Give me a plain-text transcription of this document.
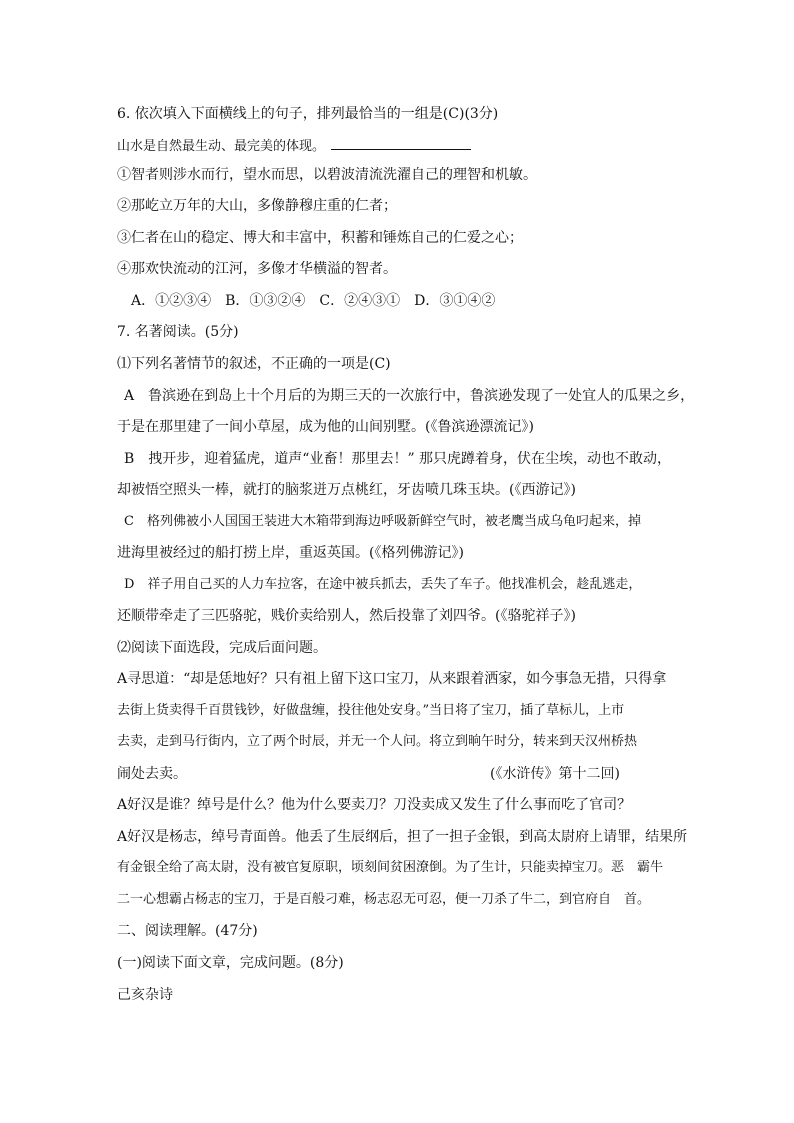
6. 依次填入下面横线上的句子，排列最恰当的一组是(C)(3分)
山水是自然最生动、最完美的体现。
①智者则涉水而行，望水而思，以碧波清流洗濯自己的理智和机敏。
②那屹立万年的大山，多像静穆庄重的仁者；
③仁者在山的稳定、博大和丰富中，积蓄和锤炼自己的仁爱之心；
④那欢快流动的江河，多像才华横溢的智者。
A．①②③④　B．①③②④　C．②④③①　D．③①④②
7. 名著阅读。(5分)
⑴下列名著情节的叙述，不正确的一项是(C)
A　鲁滨逊在到岛上十个月后的为期三天的一次旅行中，鲁滨逊发现了一处宜人的瓜果之乡，
于是在那里建了一间小草屋，成为他的山间别墅。(《鲁滨逊漂流记》)
B　拽开步，迎着猛虎，道声“业畜！那里去！” 那只虎蹲着身，伏在尘埃，动也不敢动，
却被悟空照头一棒，就打的脑浆迸万点桃红，牙齿喷几珠玉块。(《西游记》)
C　格列佛被小人国国王装进大木箱带到海边呼吸新鲜空气时，被老鹰当成乌龟叼起来，掉
进海里被经过的船打捞上岸，重返英国。(《格列佛游记》)
D　祥子用自己买的人力车拉客，在途中被兵抓去，丢失了车子。他找准机会，趁乱逃走，
还顺带牵走了三匹骆驼，贱价卖给别人，然后投靠了刘四爷。(《骆驼祥子》)
⑵阅读下面选段，完成后面问题。
A寻思道：“却是恁地好？只有祖上留下这口宝刀，从来跟着洒家，如今事急无措，只得拿
去街上货卖得千百贯钱钞，好做盘缠，投往他处安身。”当日将了宝刀，插了草标儿，上市
去卖，走到马行街内，立了两个时辰，并无一个人问。将立到晌午时分，转来到天汉州桥热
闹处去卖。	(《水浒传》第十二回)
A好汉是谁？绰号是什么？他为什么要卖刀？刀没卖成又发生了什么事而吃了官司？
A好汉是杨志，绰号青面兽。他丢了生辰纲后，担了一担子金银，到高太尉府上请罪，结果所
有金银全给了高太尉，没有被官复原职，顷刻间贫困潦倒。为了生计，只能卖掉宝刀。恶　霸牛
二一心想霸占杨志的宝刀，于是百般刁难，杨志忍无可忍，便一刀杀了牛二，到官府自　首。
二、阅读理解。(47分)
(一)阅读下面文章，完成问题。(8分)
己亥杂诗
